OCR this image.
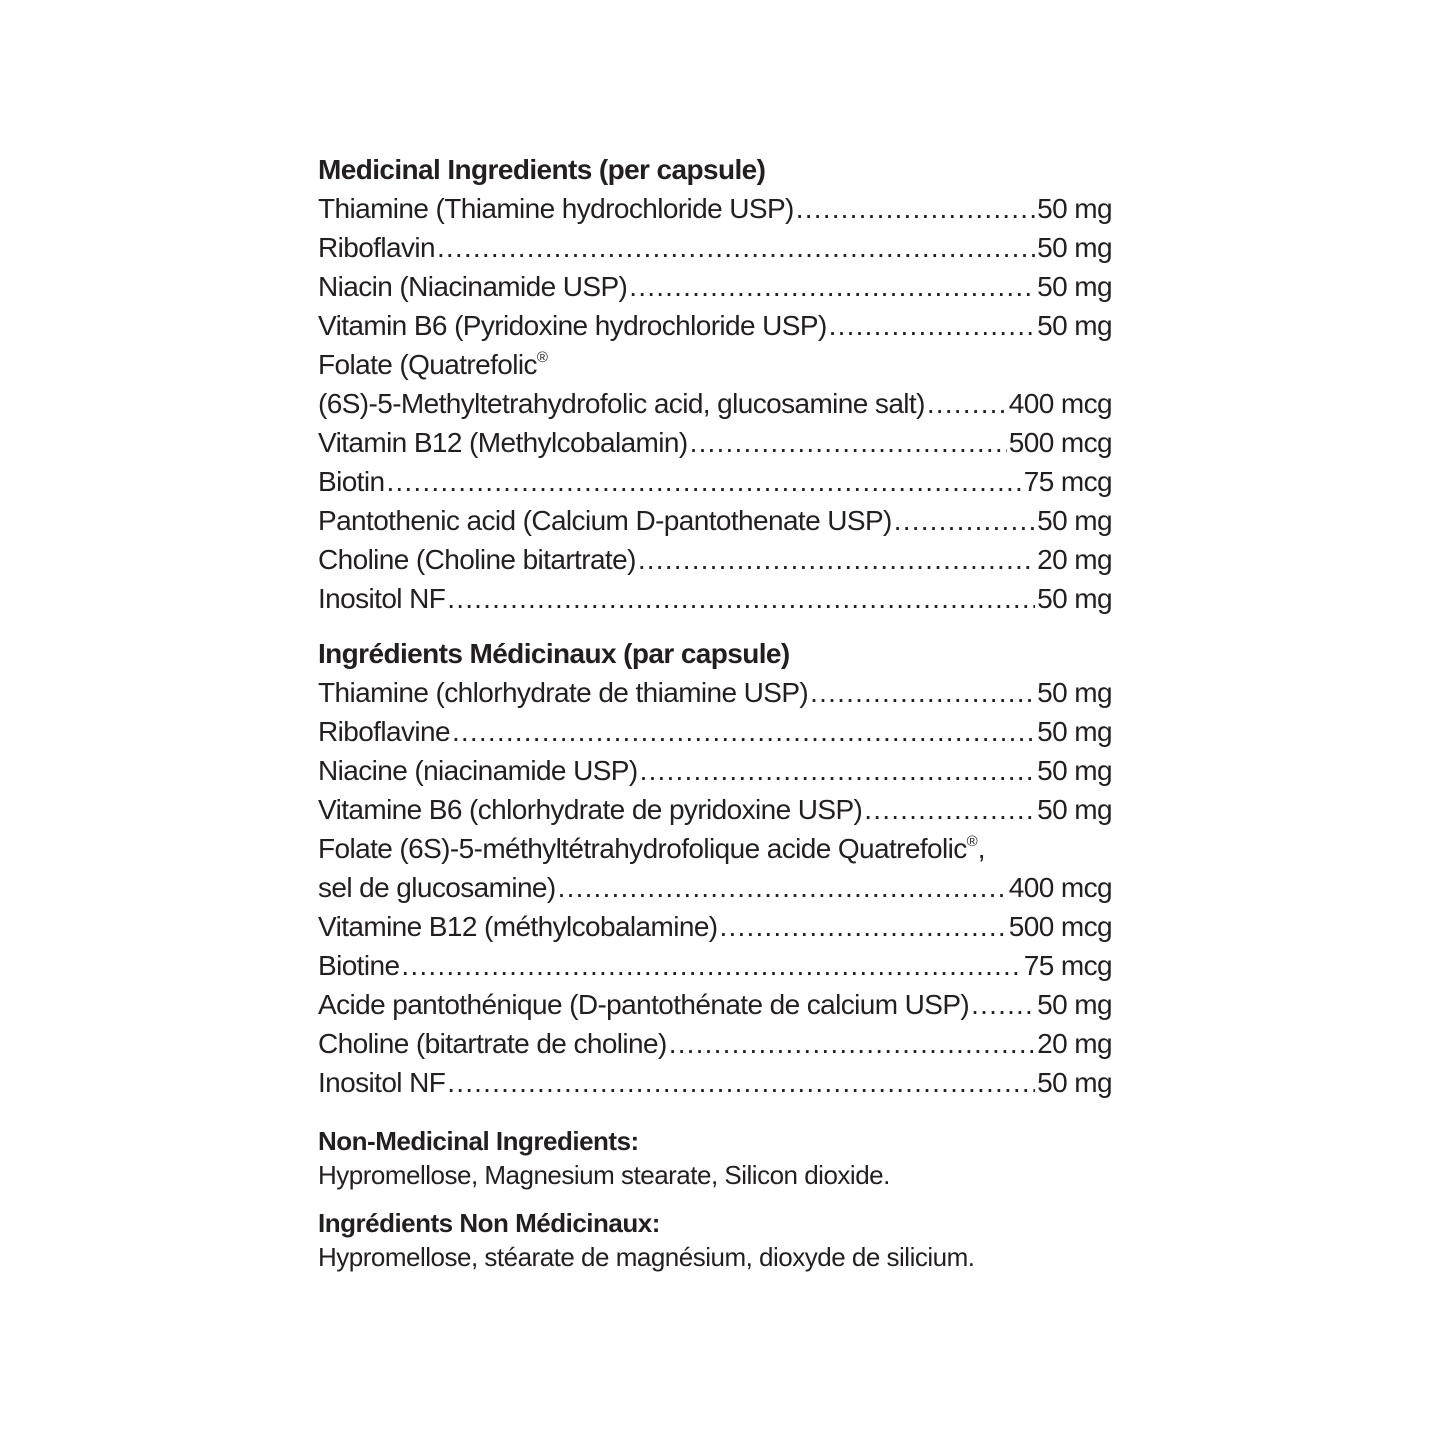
Medicinal Ingredients (per capsule)
Thiamine (Thiamine hydrochloride USP) .....	50 mg
Riboflavin .....	50 mg
Niacin (Niacinamide USP) .....	50 mg
Vitamin B6 (Pyridoxine hydrochloride USP) .....	50 mg
Folate (Quatrefolic®
(6S)-5-Methyltetrahydrofolic acid, glucosamine salt) .....	400 mcg
Vitamin B12 (Methylcobalamin) .....	500 mcg
Biotin .....	75 mcg
Pantothenic acid (Calcium D-pantothenate USP) .....	50 mg
Choline (Choline bitartrate) .....	20 mg
Inositol NF .....	50 mg
Ingrédients Médicinaux (par capsule)
Thiamine (chlorhydrate de thiamine USP) .....	50 mg
Riboflavine .....	50 mg
Niacine (niacinamide USP) .....	50 mg
Vitamine B6 (chlorhydrate de pyridoxine USP) .....	50 mg
Folate (6S)-5-méthyltétrahydrofolique acide Quatrefolic®,
sel de glucosamine) .....	400 mcg
Vitamine B12 (méthylcobalamine) .....	500 mcg
Biotine .....	75 mcg
Acide pantothénique (D-pantothénate de calcium USP) ..... 50 mg
Choline (bitartrate de choline) .....	20 mg
Inositol NF .....	50 mg
Non-Medicinal Ingredients:
Hypromellose, Magnesium stearate, Silicon dioxide.
Ingrédients Non Médicinaux:
Hypromellose, stéarate de magnésium, dioxyde de silicium.
